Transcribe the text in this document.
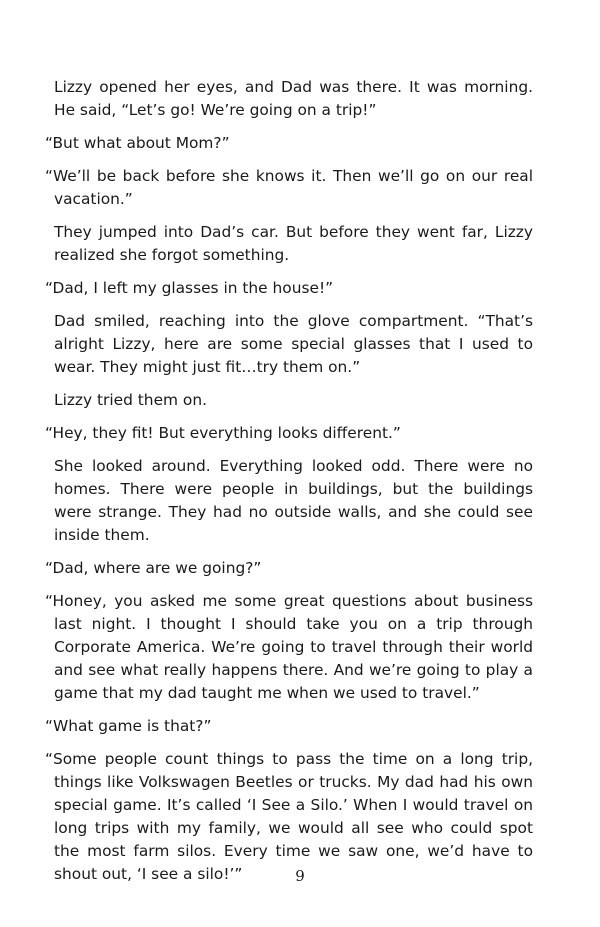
Lizzy opened her eyes, and Dad was there. It was morning. He said, “Let’s go! We’re going on a trip!”

“But what about Mom?”

“We’ll be back before she knows it. Then we’ll go on our real vacation.”

They jumped into Dad’s car. But before they went far, Lizzy realized she forgot something.

“Dad, I left my glasses in the house!”

Dad smiled, reaching into the glove compartment. “That’s alright Lizzy, here are some special glasses that I used to wear. They might just fit…try them on.”

Lizzy tried them on.

“Hey, they fit! But everything looks different.”

She looked around. Everything looked odd. There were no homes. There were people in buildings, but the buildings were strange. They had no outside walls, and she could see inside them.

“Dad, where are we going?”

“Honey, you asked me some great questions about business last night. I thought I should take you on a trip through Corporate America. We’re going to travel through their world and see what really happens there. And we’re going to play a game that my dad taught me when we used to travel.”

“What game is that?”

“Some people count things to pass the time on a long trip, things like Volkswagen Beetles or trucks. My dad had his own special game. It’s called ‘I See a Silo.’ When I would travel on long trips with my family, we would all see who could spot the most farm silos. Every time we saw one, we’d have to shout out, ‘I see a silo!’”	9
